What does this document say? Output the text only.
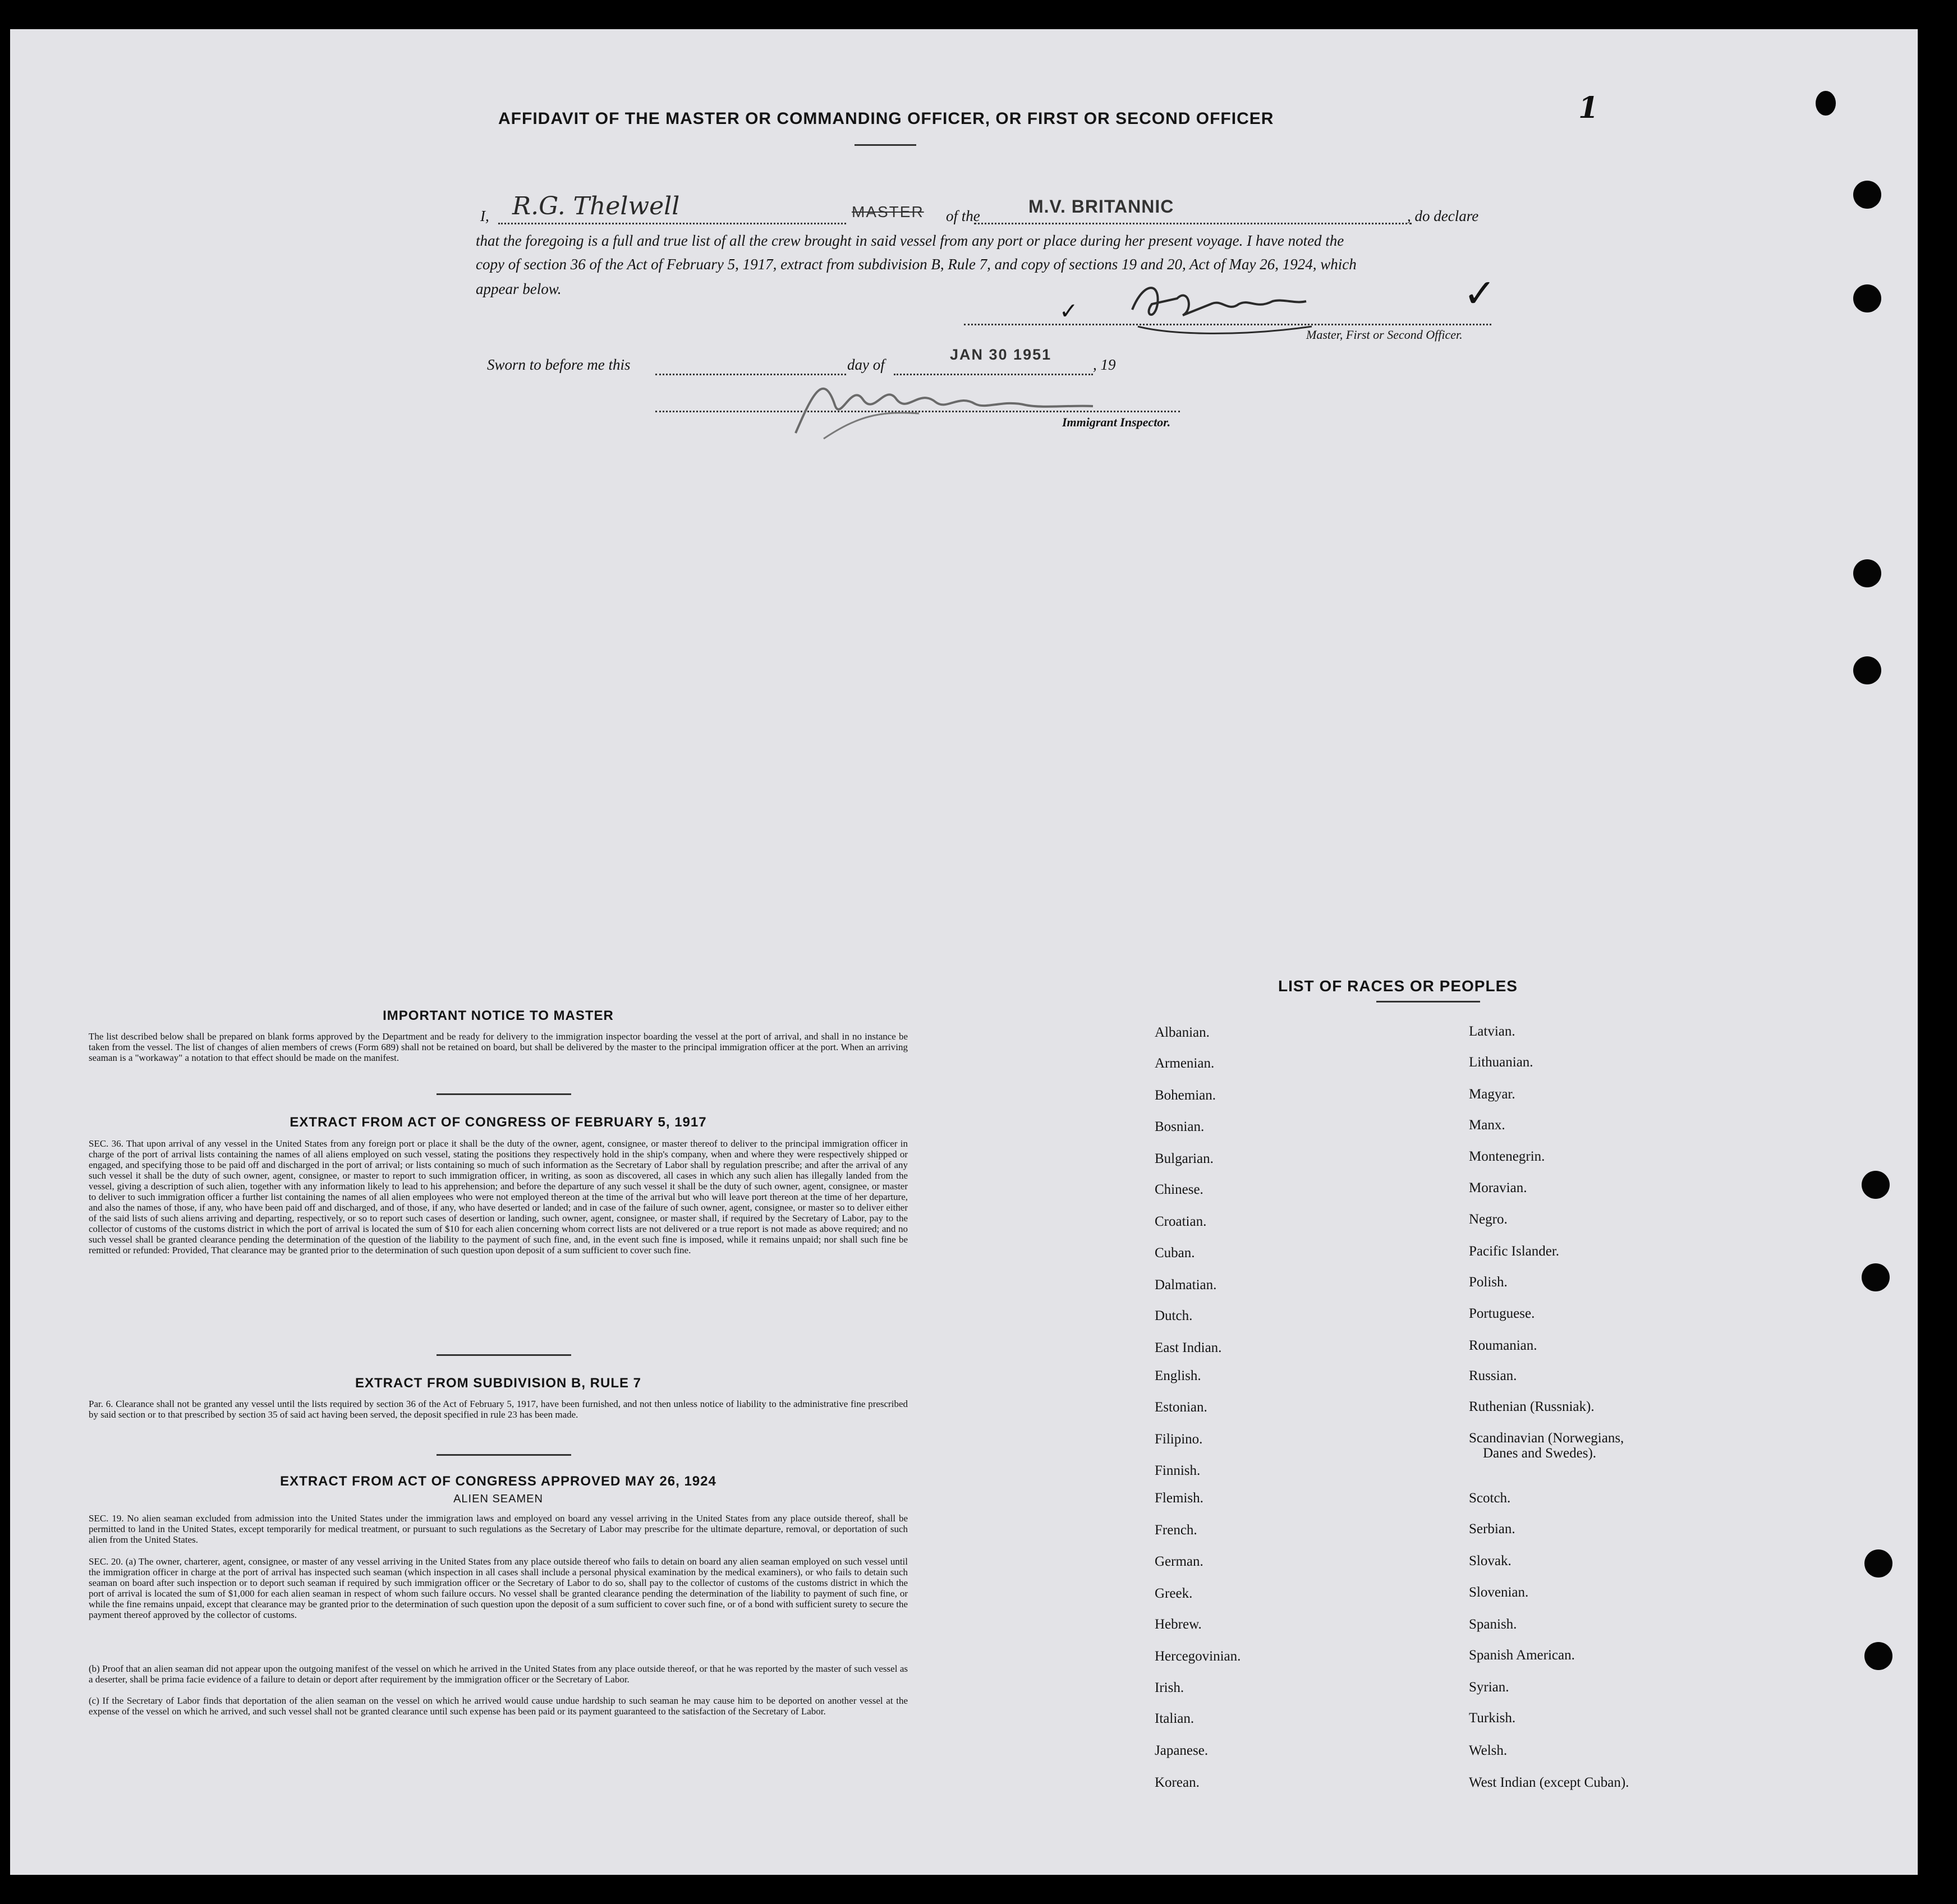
1
AFFIDAVIT OF THE MASTER OR COMMANDING OFFICER, OR FIRST OR SECOND OFFICER
I, R.G. Thelwell	MASTER of the	M.V. BRITANNIC	, do declare
that the foregoing is a full and true list of all the crew brought in said vessel from any port or place during her present voyage. I have noted the
copy of section 36 of the Act of February 5, 1917, extract from subdivision B, Rule 7, and copy of sections 19 and 20, Act of May 26, 1924, which
appear below.
✓	✓
Master, First or Second Officer.
Sworn to before me this	day of
JAN 30 1951
, 19
Immigrant Inspector.
IMPORTANT NOTICE TO MASTER
The list described below shall be prepared on blank forms approved by the Department and be ready for delivery to the immigration inspector boarding the vessel at the port of arrival, and shall in no instance be taken from the vessel. The list of changes of alien members of crews (Form 689) shall not be retained on board, but shall be delivered by the master to the principal immigration officer at the port. When an arriving seaman is a "workaway" a notation to that effect should be made on the manifest.
EXTRACT FROM ACT OF CONGRESS OF FEBRUARY 5, 1917
SEC. 36. That upon arrival of any vessel in the United States from any foreign port or place it shall be the duty of the owner, agent, consignee, or master thereof to deliver to the principal immigration officer in charge of the port of arrival lists containing the names of all aliens employed on such vessel, stating the positions they respectively hold in the ship's company, when and where they were respectively shipped or engaged, and specifying those to be paid off and discharged in the port of arrival; or lists containing so much of such information as the Secretary of Labor shall by regulation prescribe; and after the arrival of any such vessel it shall be the duty of such owner, agent, consignee, or master to report to such immigration officer, in writing, as soon as discovered, all cases in which any such alien has illegally landed from the vessel, giving a description of such alien, together with any information likely to lead to his apprehension; and before the departure of any such vessel it shall be the duty of such owner, agent, consignee, or master to deliver to such immigration officer a further list containing the names of all alien employees who were not employed thereon at the time of the arrival but who will leave port thereon at the time of her departure, and also the names of those, if any, who have been paid off and discharged, and of those, if any, who have deserted or landed; and in case of the failure of such owner, agent, consignee, or master so to deliver either of the said lists of such aliens arriving and departing, respectively, or so to report such cases of desertion or landing, such owner, agent, consignee, or master shall, if required by the Secretary of Labor, pay to the collector of customs of the customs district in which the port of arrival is located the sum of $10 for each alien concerning whom correct lists are not delivered or a true report is not made as above required; and no such vessel shall be granted clearance pending the determination of the question of the liability to the payment of such fine, and, in the event such fine is imposed, while it remains unpaid; nor shall such fine be remitted or refunded: Provided, That clearance may be granted prior to the determination of such question upon deposit of a sum sufficient to cover such fine.
EXTRACT FROM SUBDIVISION B, RULE 7
Par. 6. Clearance shall not be granted any vessel until the lists required by section 36 of the Act of February 5, 1917, have been furnished, and not then unless notice of liability to the administrative fine prescribed by said section or to that prescribed by section 35 of said act having been served, the deposit specified in rule 23 has been made.
EXTRACT FROM ACT OF CONGRESS APPROVED MAY 26, 1924
ALIEN SEAMEN
SEC. 19. No alien seaman excluded from admission into the United States under the immigration laws and employed on board any vessel arriving in the United States from any place outside thereof, shall be permitted to land in the United States, except temporarily for medical treatment, or pursuant to such regulations as the Secretary of Labor may prescribe for the ultimate departure, removal, or deportation of such alien from the United States.
SEC. 20. (a) The owner, charterer, agent, consignee, or master of any vessel arriving in the United States from any place outside thereof who fails to detain on board any alien seaman employed on such vessel until the immigration officer in charge at the port of arrival has inspected such seaman (which inspection in all cases shall include a personal physical examination by the medical examiners), or who fails to detain such seaman on board after such inspection or to deport such seaman if required by such immigration officer or the Secretary of Labor to do so, shall pay to the collector of customs of the customs district in which the port of arrival is located the sum of $1,000 for each alien seaman in respect of whom such failure occurs. No vessel shall be granted clearance pending the determination of the liability to payment of such fine, or while the fine remains unpaid, except that clearance may be granted prior to the determination of such question upon the deposit of a sum sufficient to cover such fine, or of a bond with sufficient surety to secure the payment thereof approved by the collector of customs.
(b) Proof that an alien seaman did not appear upon the outgoing manifest of the vessel on which he arrived in the United States from any place outside thereof, or that he was reported by the master of such vessel as a deserter, shall be prima facie evidence of a failure to detain or deport after requirement by the immigration officer or the Secretary of Labor.
(c) If the Secretary of Labor finds that deportation of the alien seaman on the vessel on which he arrived would cause undue hardship to such seaman he may cause him to be deported on another vessel at the expense of the vessel on which he arrived, and such vessel shall not be granted clearance until such expense has been paid or its payment guaranteed to the satisfaction of the Secretary of Labor.
LIST OF RACES OR PEOPLES
Albanian.
Armenian.
Bohemian.
Bosnian.
Bulgarian.
Chinese.
Croatian.
Cuban.
Dalmatian.
Dutch.
East Indian.
English.
Estonian.
Filipino.
Finnish.
Flemish.
French.
German.
Greek.
Hebrew.
Hercegovinian.
Irish.
Italian.
Japanese.
Korean.
Latvian.
Lithuanian.
Magyar.
Manx.
Montenegrin.
Moravian.
Negro.
Pacific Islander.
Polish.
Portuguese.
Roumanian.
Russian.
Ruthenian (Russniak).
Scandinavian (Norwegians,
Danes and Swedes).
Scotch.
Serbian.
Slovak.
Slovenian.
Spanish.
Spanish American.
Syrian.
Turkish.
Welsh.
West Indian (except Cuban).
